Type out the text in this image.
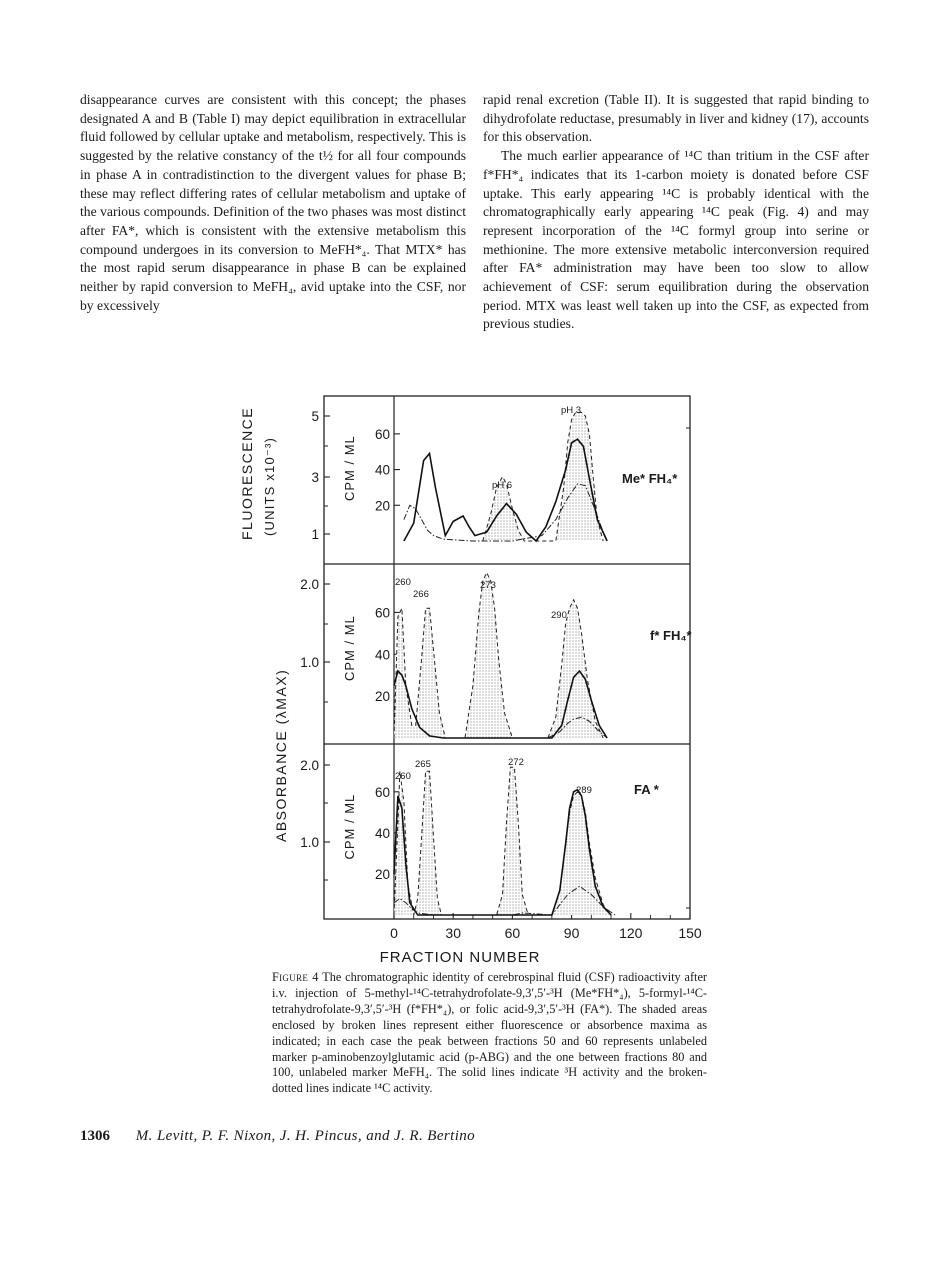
disappearance curves are consistent with this concept; the phases designated A and B (Table I) may depict equilibration in extracellular fluid followed by cellular uptake and metabolism, respectively. This is suggested by the relative constancy of the t½ for all four compounds in phase A in contradistinction to the divergent values for phase B; these may reflect differing rates of cellular metabolism and uptake of the various compounds. Definition of the two phases was most distinct after FA*, which is consistent with the extensive metabolism this compound undergoes in its conversion to MeFH*₄. That MTX* has the most rapid serum disappearance in phase B can be explained neither by rapid conversion to MeFH₄, avid uptake into the CSF, nor by excessively

rapid renal excretion (Table II). It is suggested that rapid binding to dihydrofolate reductase, presumably in liver and kidney (17), accounts for this observation.

The much earlier appearance of ¹⁴C than tritium in the CSF after f*FH*₄ indicates that its 1-carbon moiety is donated before CSF uptake. This early appearing ¹⁴C is probably identical with the chromatographically early appearing ¹⁴C peak (Fig. 4) and may represent incorporation of the ¹⁴C formyl group into serine or methionine. The more extensive metabolic interconversion required after FA* administration may have been too slow to allow achievement of CSF: serum equilibration during the observation period. MTX was least well taken up into the CSF, as expected from previous studies.

0	30	60	90	120	150
FRACTION NUMBER
5
3
1
2.0
1.0
2.0
1.0
60
40
20
CPM / ML
60
40
20
CPM / ML
60
40
20
CPM / ML
FLUORESCENCE (UNITS x10⁻³)	Me* FH₄*
f* FH₄*
FA *
pH 3
pH 6
260
266
273
290
260
265	272
289
ABSORBANCE (λMAX)
Figure 4 The chromatographic identity of cerebrospinal fluid (CSF) radioactivity after i.v. injection of 5-methyl-¹⁴C-tetrahydrofolate-9,3′,5′-³H (Me*FH*₄), 5-formyl-¹⁴C-tetrahydrofolate-9,3′,5′-³H (f*FH*₄), or folic acid-9,3′,5′-³H (FA*). The shaded areas enclosed by broken lines represent either fluorescence or absorbence maxima as indicated; in each case the peak between fractions 50 and 60 represents unlabeled marker p-aminobenzoylglutamic acid (p-ABG) and the one between fractions 80 and 100, unlabeled marker MeFH₄. The solid lines indicate ³H activity and the broken-dotted lines indicate ¹⁴C activity.
1306 M. Levitt, P. F. Nixon, J. H. Pincus, and J. R. Bertino
